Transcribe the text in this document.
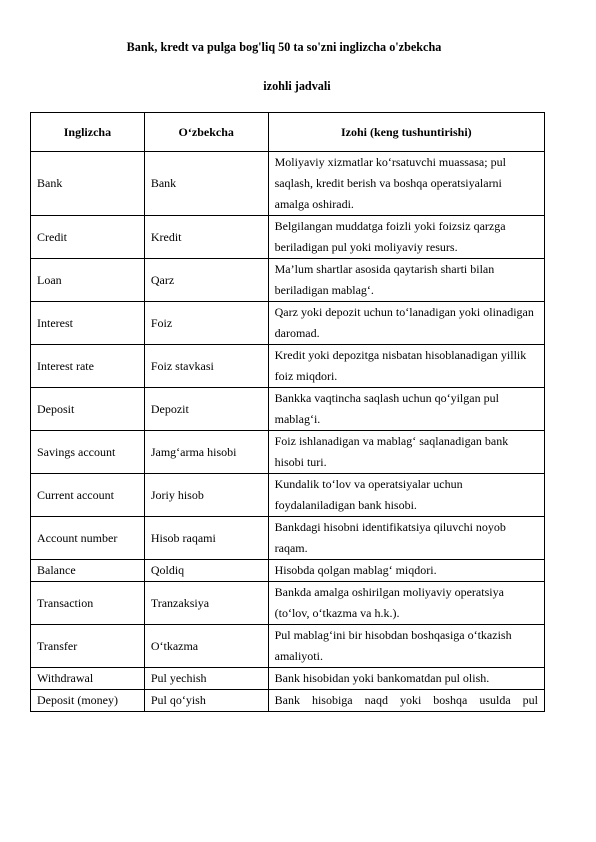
Bank, kredt va pulga bog'liq 50 ta so'zni inglizcha o'zbekcha

izohli jadvali

Inglizcha	O‘zbekcha	Izohi (keng tushuntirishi)
Bank	Bank	Moliyaviy xizmatlar ko‘rsatuvchi muassasa; pul saqlash, kredit berish va boshqa operatsiyalarni amalga oshiradi.
Credit	Kredit	Belgilangan muddatga foizli yoki foizsiz qarzga beriladigan pul yoki moliyaviy resurs.
Loan	Qarz	Ma’lum shartlar asosida qaytarish sharti bilan beriladigan mablag‘.
Interest	Foiz	Qarz yoki depozit uchun to‘lanadigan yoki olinadigan daromad.
Interest rate	Foiz stavkasi	Kredit yoki depozitga nisbatan hisoblanadigan yillik foiz miqdori.
Deposit	Depozit	Bankka vaqtincha saqlash uchun qo‘yilgan pul mablag‘i.
Savings account	Jamg‘arma hisobi	Foiz ishlanadigan va mablag‘ saqlanadigan bank hisobi turi.
Current account	Joriy hisob	Kundalik to‘lov va operatsiyalar uchun foydalaniladigan bank hisobi.
Account number	Hisob raqami	Bankdagi hisobni identifikatsiya qiluvchi noyob raqam.
Balance	Qoldiq	Hisobda qolgan mablag‘ miqdori.
Transaction	Tranzaksiya	Bankda amalga oshirilgan moliyaviy operatsiya (to‘lov, o‘tkazma va h.k.).
Transfer	O‘tkazma	Pul mablag‘ini bir hisobdan boshqasiga o‘tkazish amaliyoti.
Withdrawal	Pul yechish	Bank hisobidan yoki bankomatdan pul olish.
Deposit (money)	Pul qo‘yish	Bank hisobiga naqd yoki boshqa usulda pul
